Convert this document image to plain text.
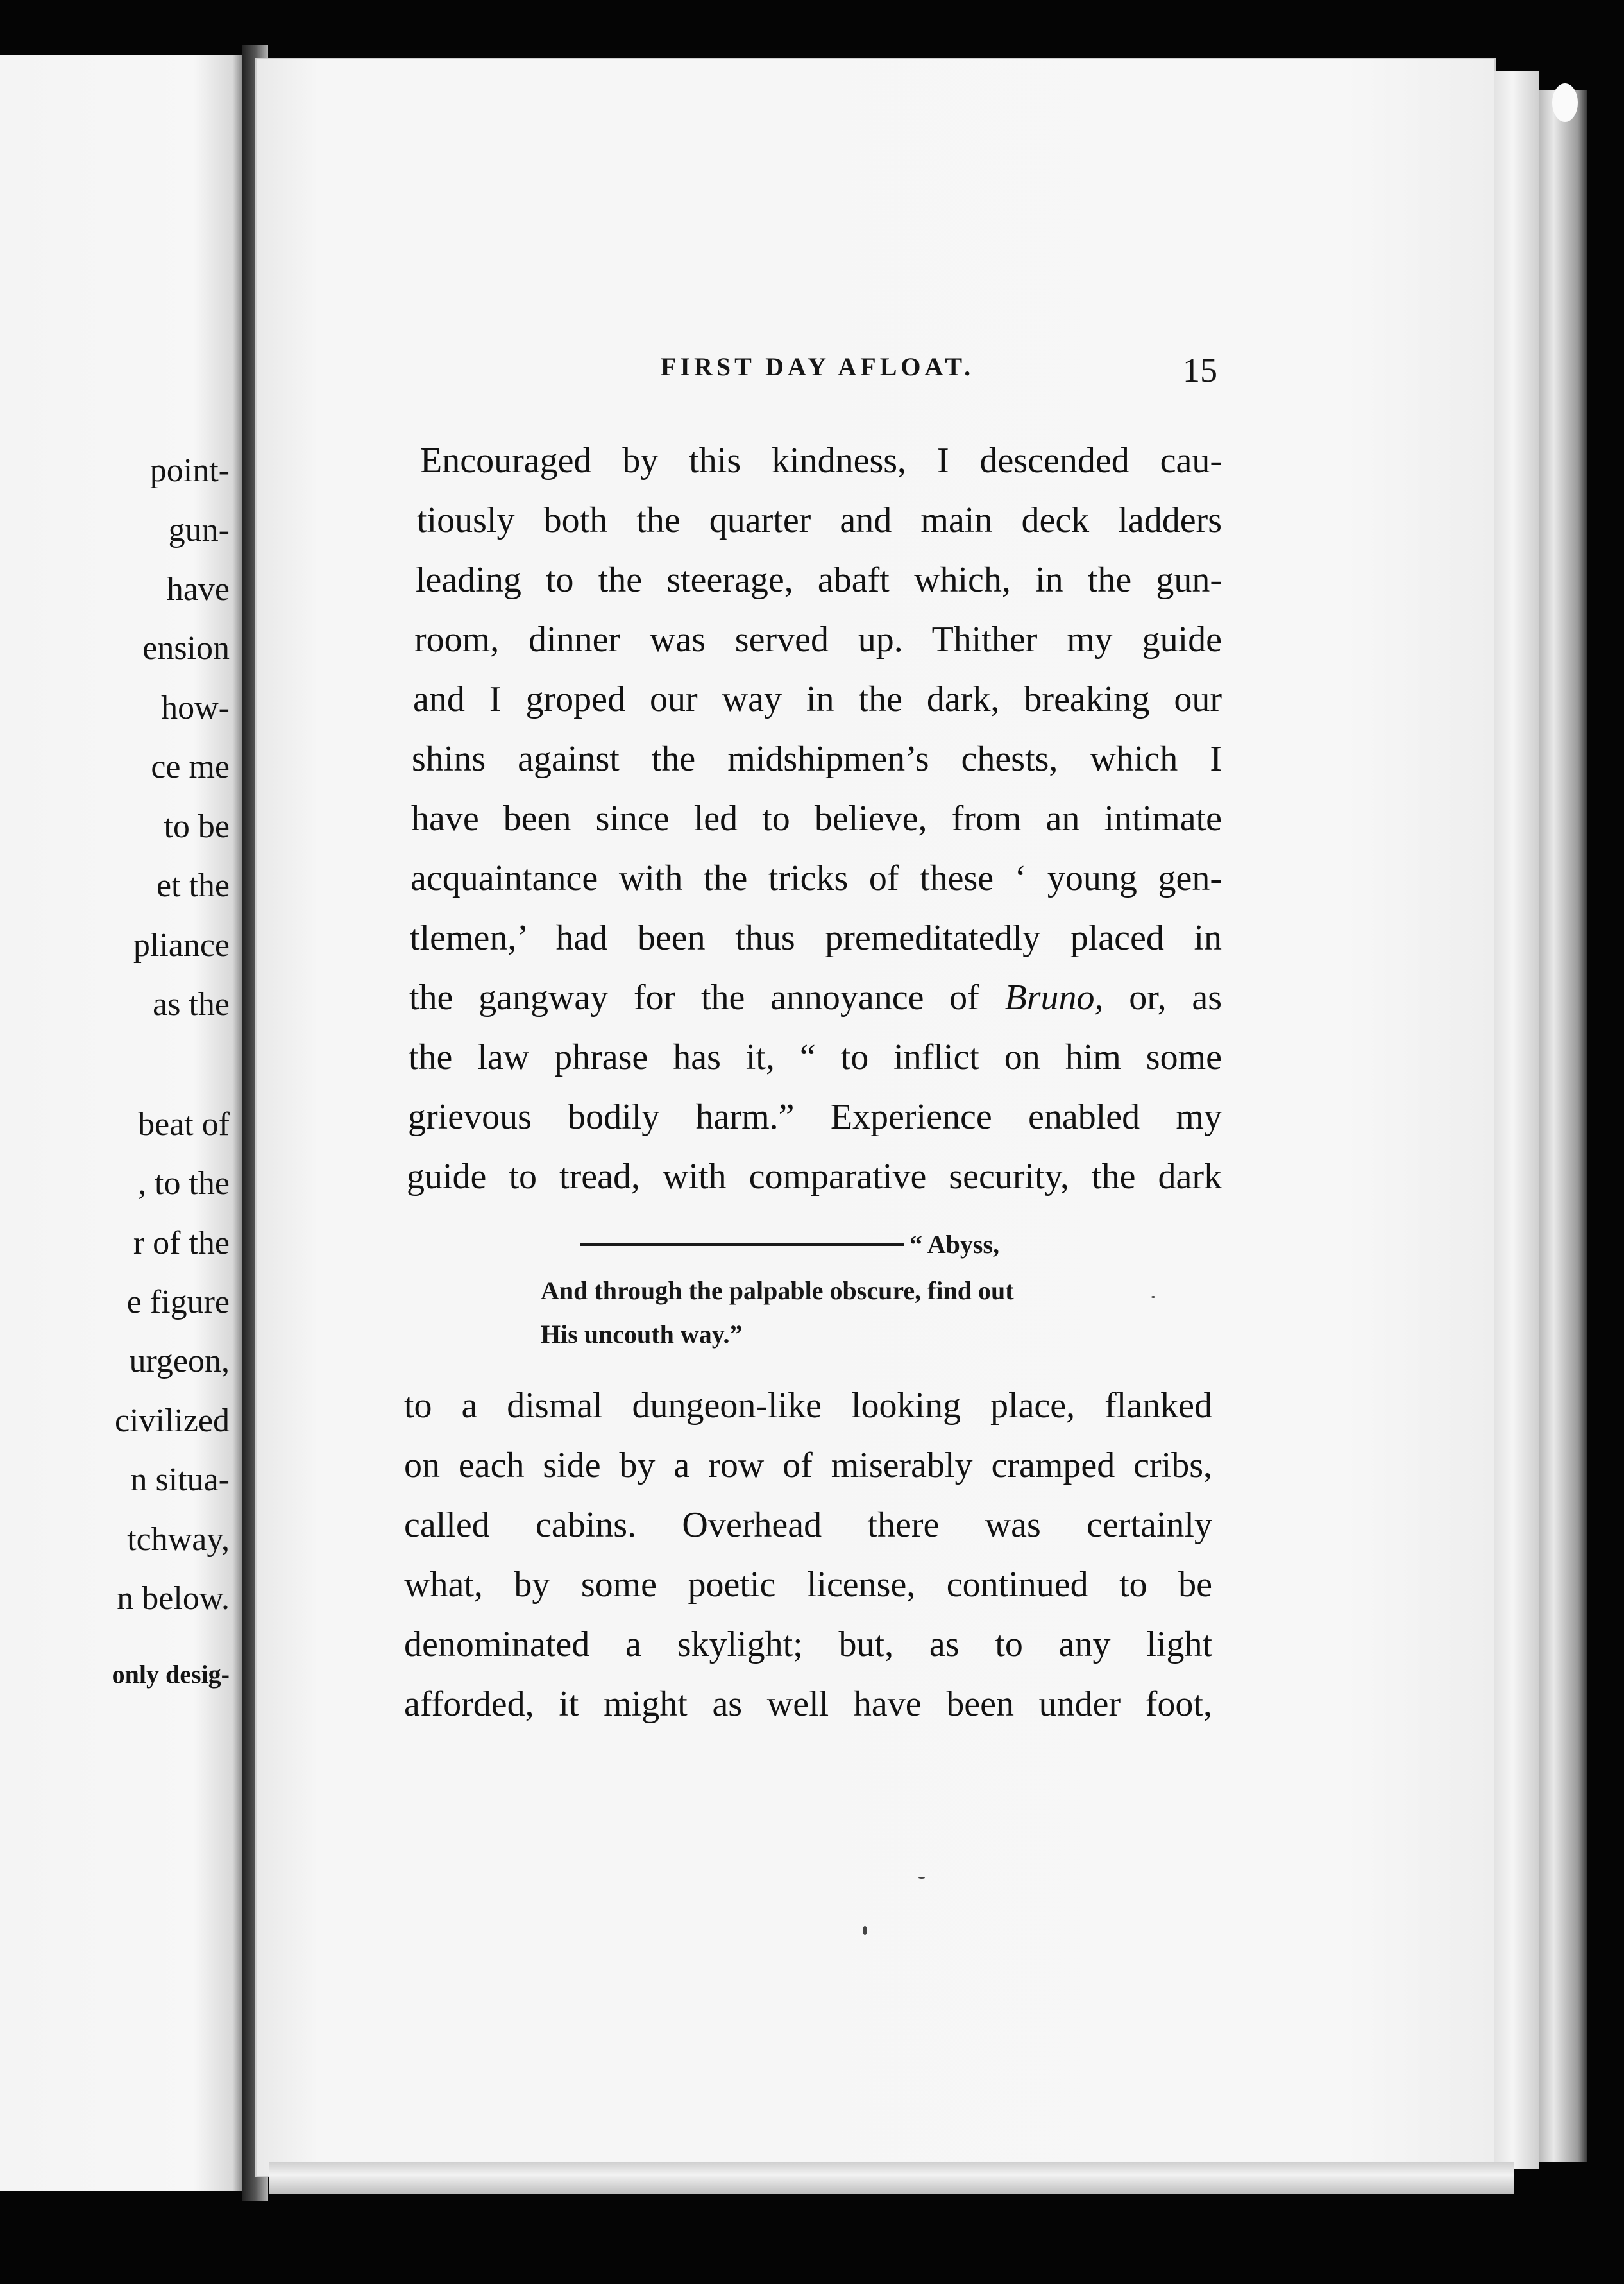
point-
gun-
have
ension
how-
ce me
to be
et the
pliance
as the
beat of
, to the
r of the
e figure
urgeon,
civilized
n situa-
tchway,
n below.
only desig-
FIRST DAY AFLOAT.	15
Encouraged by this kindness, I descended cau-
tiously both the quarter and main deck ladders
leading to the steerage, abaft which, in the gun-
room, dinner was served up. Thither my guide
and I groped our way in the dark, breaking our
shins against the midshipmen’s chests, which I
have been since led to believe, from an intimate
acquaintance with the tricks of these ‘ young gen-
tlemen,’ had been thus premeditatedly placed in
the gangway for the annoyance of Bruno, or, as
the law phrase has it, “ to inflict on him some
grievous bodily harm.” Experience enabled my
guide to tread, with comparative security, the dark
“ Abyss,
And through the palpable obscure, find out
His uncouth way.”
to a dismal dungeon-like looking place, flanked
on each side by a row of miserably cramped cribs,
called cabins. Overhead there was certainly
what, by some poetic license, continued to be
denominated a skylight; but, as to any light
afforded, it might as well have been under foot,
